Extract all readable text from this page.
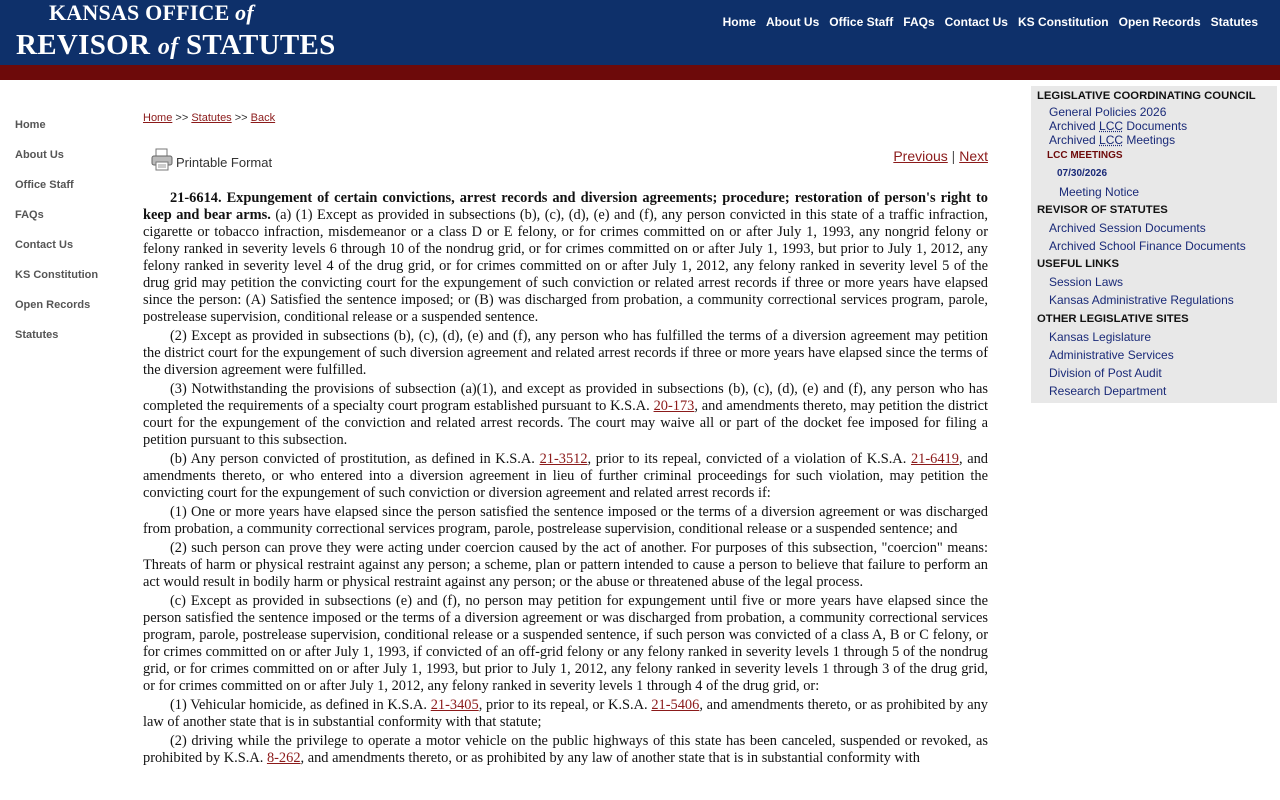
KANSAS OFFICE of
REVISOR of STATUTES
Home About Us Office Staff FAQs Contact Us KS Constitution Open Records Statutes
Home
About Us
Office Staff
FAQs
Contact Us
KS Constitution
Open Records
Statutes
Home >> Statutes >> Back
Printable Format	Previous | Next

21-6614. Expungement of certain convictions, arrest records and diversion agreements; procedure; restoration of person's right to keep and bear arms. (a) (1) Except as provided in subsections (b), (c), (d), (e) and (f), any person convicted in this state of a traffic infraction, cigarette or tobacco infraction, misdemeanor or a class D or E felony, or for crimes committed on or after July 1, 1993, any nongrid felony or felony ranked in severity levels 6 through 10 of the nondrug grid, or for crimes committed on or after July 1, 1993, but prior to July 1, 2012, any felony ranked in severity level 4 of the drug grid, or for crimes committed on or after July 1, 2012, any felony ranked in severity level 5 of the drug grid may petition the convicting court for the expungement of such conviction or related arrest records if three or more years have elapsed since the person: (A) Satisfied the sentence imposed; or (B) was discharged from probation, a community correctional services program, parole, postrelease supervision, conditional release or a suspended sentence.

(2) Except as provided in subsections (b), (c), (d), (e) and (f), any person who has fulfilled the terms of a diversion agreement may petition the district court for the expungement of such diversion agreement and related arrest records if three or more years have elapsed since the terms of the diversion agreement were fulfilled.

(3) Notwithstanding the provisions of subsection (a)(1), and except as provided in subsections (b), (c), (d), (e) and (f), any person who has completed the requirements of a specialty court program established pursuant to K.S.A. 20-173, and amendments thereto, may petition the district court for the expungement of the conviction and related arrest records. The court may waive all or part of the docket fee imposed for filing a petition pursuant to this subsection.

(b) Any person convicted of prostitution, as defined in K.S.A. 21-3512, prior to its repeal, convicted of a violation of K.S.A. 21-6419, and amendments thereto, or who entered into a diversion agreement in lieu of further criminal proceedings for such violation, may petition the convicting court for the expungement of such conviction or diversion agreement and related arrest records if:

(1) One or more years have elapsed since the person satisfied the sentence imposed or the terms of a diversion agreement or was discharged from probation, a community correctional services program, parole, postrelease supervision, conditional release or a suspended sentence; and

(2) such person can prove they were acting under coercion caused by the act of another. For purposes of this subsection, "coercion" means: Threats of harm or physical restraint against any person; a scheme, plan or pattern intended to cause a person to believe that failure to perform an act would result in bodily harm or physical restraint against any person; or the abuse or threatened abuse of the legal process.

(c) Except as provided in subsections (e) and (f), no person may petition for expungement until five or more years have elapsed since the person satisfied the sentence imposed or the terms of a diversion agreement or was discharged from probation, a community correctional services program, parole, postrelease supervision, conditional release or a suspended sentence, if such person was convicted of a class A, B or C felony, or for crimes committed on or after July 1, 1993, if convicted of an off-grid felony or any felony ranked in severity levels 1 through 5 of the nondrug grid, or for crimes committed on or after July 1, 1993, but prior to July 1, 2012, any felony ranked in severity levels 1 through 3 of the drug grid, or for crimes committed on or after July 1, 2012, any felony ranked in severity levels 1 through 4 of the drug grid, or:

(1) Vehicular homicide, as defined in K.S.A. 21-3405, prior to its repeal, or K.S.A. 21-5406, and amendments thereto, or as prohibited by any law of another state that is in substantial conformity with that statute;

(2) driving while the privilege to operate a motor vehicle on the public highways of this state has been canceled, suspended or revoked, as prohibited by K.S.A. 8-262, and amendments thereto, or as prohibited by any law of another state that is in substantial conformity with

LEGISLATIVE COORDINATING COUNCIL
General Policies 2026
Archived LCC Documents
Archived LCC Meetings
LCC MEETINGS
07/30/2026
Meeting Notice
REVISOR OF STATUTES
Archived Session Documents
Archived School Finance Documents
USEFUL LINKS
Session Laws
Kansas Administrative Regulations
OTHER LEGISLATIVE SITES
Kansas Legislature
Administrative Services
Division of Post Audit
Research Department
